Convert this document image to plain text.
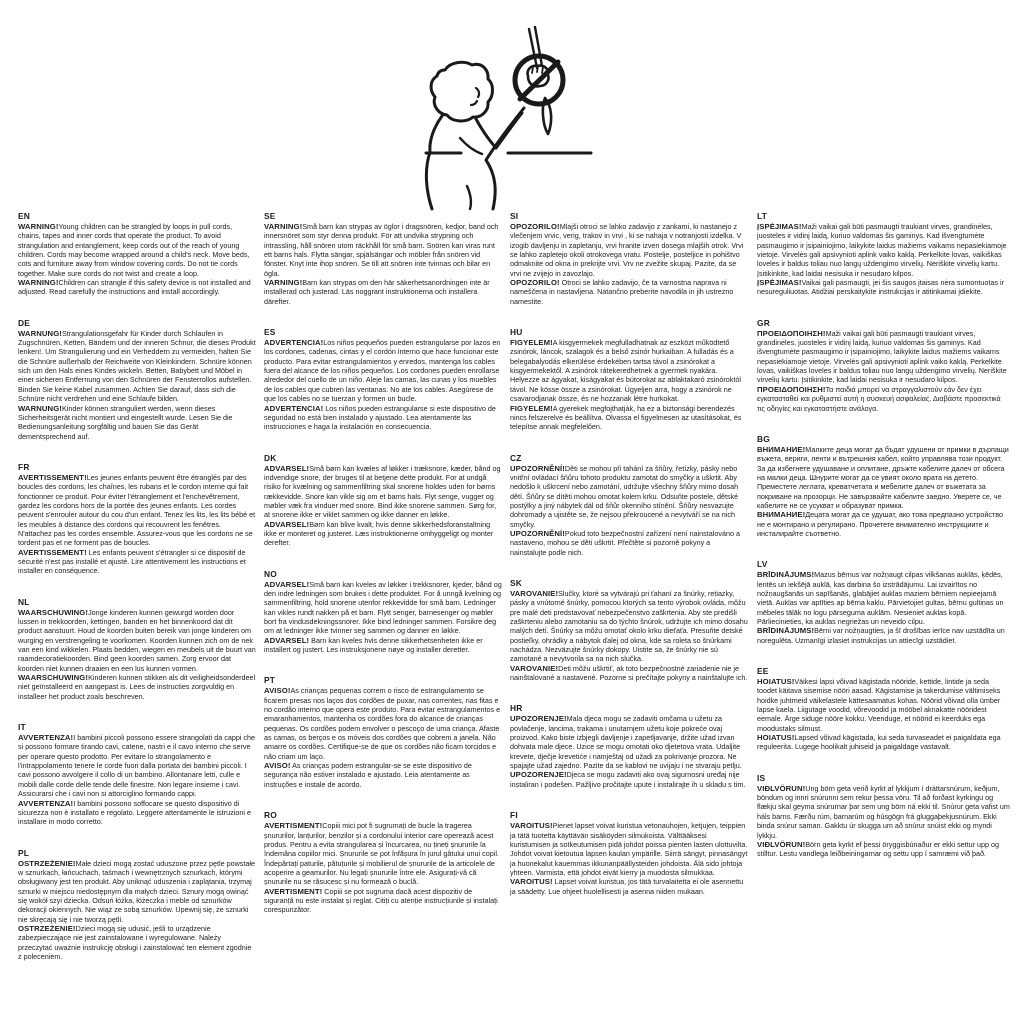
EN

WARNING!Young children can be strangled by loops in pull cords, chains, tapes and inner cords that operate the product. To avoid strangulation and entanglement, keep cords out of the reach of young children. Cords may become wrapped around a child's neck. Move beds, cots and furniture away from window covering cords. Do not tie cords together. Make sure cords do not twist and create a loop.

WARNING!Children can strangle if this safety device is not installed and adjusted. Read carefully the instructions and install accordingly.

DE

WARNUNG!Strangulationsgefahr für Kinder durch Schlaufen in Zugschnüren, Ketten, Bändern und der inneren Schnur, die dieses Produkt lenken!. Um Strangulierung und ein Verheddern zu vermeiden, halten Sie die Schnüre außerhalb der Reichweite von Kleinkindern. Schnüre können sich um den Hals eines Kindes wickeln. Betten, Babybett und Möbel in einer sicheren Entfernung von den Schnüren der Fensterrollos aufstellen. Binden Sie keine Kabel zusammen. Achten Sie darauf, dass sich die Schnüre nicht verdrehen und eine Schlaufe bilden.

WARNUNG!Kinder können stranguliert werden, wenn dieses Sicherheitsgerät nicht montiert und eingestellt wurde. Lesen Sie die Bedienungsanleitung sorgfältig und bauen Sie das Gerät dementsprechend auf.

FR

AVERTISSEMENT!Les jeunes enfants peuvent être étranglés par des boucles des cordons, les chaînes, les rubans et le cordon interne qui fait fonctionner ce produit. Pour éviter l'étranglement et l'enchevêtrement, gardez les cordons hors de la portée des jeunes enfants. Les cordes peuvent s'enrouler autour du cou d'un enfant. Tenez les lits, les lits bébé et les meubles à distance des cordons qui recouvrent les fenêtres. N'attachez pas les cordes ensemble. Assurez-vous que les cordons ne se tordent pas et ne forment pas de boucles.

AVERTISSEMENT! Les enfants peuvent s'étrangler si ce dispositif de sécurité n'est pas installé et ajusté. Lire attentivement les instructions et installer en conséquence.

NL

WAARSCHUWING!Jonge kinderen kunnen gewurgd worden door lussen in trekkoorden, kettingen, banden en het binnenkoord dat dit product aanstuurt. Houd de koorden buiten bereik van jonge kinderen om wurging en verstrengeling te voorkomen. Koorden kunnen zich om de nek van een kind wikkelen. Plaats bedden, wiegen en meubels uit de buurt van raamdecoratiekoorden. Bind geen koorden samen. Zorg ervoor dat koorden niet kunnen draaien en een lus kunnen vormen.

WAARSCHUWING!Kinderen kunnen stikken als dit veiligheidsonderdeel niet geïnstalleerd en aangepast is. Lees de instructies zorgvuldig en installeer het product zoals beschreven.

IT

AVVERTENZA!I bambini piccoli possono essere strangolati da cappi che si possono formare tirando cavi, catene, nastri e il cavo interno che serve per operare questo prodotto. Per evitare lo strangolamento e l'intrappolamento tenere le corde fuori dalla portata dei bambini piccoli. I cavi possono avvolgere il collo di un bambino. Allontanare letti, culle e mobili dalle corde delle tende delle finestre. Non legare insieme i cavi. Assicurarsi che i cavi non si attorciglino formando cappi.

AVVERTENZA!I bambini possono soffocare se questo dispositivo di sicurezza non è installato e regolato. Leggere attentamente le istruzioni e installare in modo corretto.

PL

OSTRZEŻENIE!Małe dzieci mogą zostać uduszone przez pętle powstałe w sznurkach, łańcuchach, taśmach i wewnętrznych sznurkach, którymi obsługiwany jest ten produkt. Aby uniknąć uduszenia i zaplątania, trzymaj sznurki w miejscu niedostępnym dla małych dzieci. Sznury mogą owinąć się wokół szyi dziecka. Odsuń łóżka, łóżeczka i meble od sznurków dekoracji okiennych. Nie wiąż ze sobą sznurków. Upewnij się, że sznurki nie skręcają się i nie tworzą pętli.

OSTRZEŻENIE!Dzieci mogą się udusić, jeśli to urządzenie zabezpieczające nie jest zainstalowane i wyregulowane. Należy przeczytać uważnie instrukcję obsługi i zainstalować ten element zgodnie z poleceniem.

SE

VARNING!Små barn kan strypas av öglor i dragsnören, kedjor, band och innersnöret som styr denna produkt. För att undvika strypning och intrassling, håll snören utom räckhåll för små barn. Snören kan viras runt ett barns hals. Flytta sängar, spjälsängar och möbler från snören vid fönster. Knyt inte ihop snören. Se till att snören inte tvinnas och bilar en ögla.

VARNING!Barn kan strypas om den här säkerhetsanordningen inte är installerad och justerad. Läs noggrant instruktionerna och installera därefter.

ES

ADVERTENCIA!Los niños pequeños pueden estrangularse por lazos en los cordones, cadenas, cintas y el cordón interno que hace funcionar este producto. Para evitar estrangulamientos y enredos, mantenga los cables fuera del alcance de los niños pequeños. Los cordones pueden enrollarse alrededor del cuello de un niño. Aleje las camas, las cunas y los muebles de los cables que cubren las ventanas. No ate los cables. Asegúrese de que los cables no se tuerzan y formen un bucle.

ADVERTENCIA! Los niños pueden estrangularse si este dispositivo de seguridad no está bien instalado y ajustado. Lea atentamente las instrucciones e haga la instalación en consecuencia.

DK

ADVARSEL!Små børn kan kvæles af løkker i træksnore, kæder, bånd og indvendige snore, der bruges til at betjene dette produkt. For at undgå risiko for kvælning og sammenfiltring skal snorene holdes uden for børns rækkevidde. Snore kan vikle sig om et barns hals. Flyt senge, vugger og møbler væk fra vinduer med snore. Bind ikke snorene sammen. Sørg for, at snorene ikke er viklet sammen og ikke danner en løkke.

ADVARSEL!Børn kan blive kvalt, hvis denne sikkerhedsforanstaltning ikke er monteret og justeret. Læs instruktionerne omhyggeligt og monter derefter.

NO

ADVARSEL!Små barn kan kveles av løkker i trekksnorer, kjeder, bånd og den indre ledningen som brukes i dette produktet. For å unngå kvelning og sammenfiltring, hold snorene utenfor rekkevidde for små barn. Ledninger kan vikles rundt nakken på et barn. Flytt senger, barnesenger og møbler bort fra vindusdekningssnorer. Ikke bind ledninger sammen. Forsikre deg om at ledninger ikke tvinner seg sammen og danner en løkke.

ADVARSEL! Barn kan kveles hvis denne sikkerhetsenheten ikke er installert og justert. Les instruksjonene nøye og installer deretter.

PT

AVISO!As crianças pequenas correm o risco de estrangulamento se ficarem presas nos laços dos cordões de puxar, nas correntes, nas fitas e no cordão interno que opera este produto. Para evitar estrangulamentos e emaranhamentos, mantenha os cordões fora do alcance de crianças pequenas. Os cordões podem envolver o pescoço de uma criança. Afaste as camas, os berços e os móveis dos cordões que cobrem a janela. Não amarre os cordões. Certifique-se de que os cordões não ficam torcidos e não criam um laço.

AVISO! As crianças podem estrangular-se se este dispositivo de segurança não estiver instalado e ajustado. Leia atentamente as instruções e instale de acordo.

RO

AVERTISMENT!Copiii mici pot fi sugrumați de bucle la tragerea șnururilor, lanțurilor, benzilor și a cordonului interior care operează acest produs. Pentru a evita strangularea și încurcarea, nu țineți șnururile la îndemâna copiilor mici. Șnururile se pot înfășura în jurul gâtului unui copil. Îndepărtați paturile, pătuțurile și mobilierul de șnururile de la articolele de acoperire a geamurilor. Nu legați șnururile între ele. Asigurați-vă că șnururile nu se răsucesc și nu formează o buclă.

AVERTISMENT! Copiii se pot sugruma dacă acest dispozitiv de siguranță nu este instalat și reglat. Citiți cu atenție instrucțiunile și instalați corespunzător.

SI

OPOZORILO!Mlajši otroci se lahko zadavijo z zankami, ki nastanejo z vlečenjem vrvic, verig, trakov in vrvi , ki se nahaja v notranjosti izdelka. V izogib davljenju in zapletanju, vrvi hranite izven dosega mlajših otrok. Vrvi se lahko zapletejo okoli otrokovega vratu. Postelje, posteljice in pohištvo odmaknite od okna in prekrijte vrvi. Vrv ne zvežite skupaj. Pazite, da se vrvi ne zvijejo in zavozlajo.

OPOZORILO! Otroci se lahko zadavijo, če ta varnostna naprava ni nameščena in nastavljena. Natančno preberite navodila in jih ustrezno namestite.

HU

FIGYELEM!A kisgyermekek megfulladhatnak az eszközt működtető zsinórok, láncok, szalagok és a belső zsinór hurkaiban. A fulladás és a belegabalyodás elkerülése érdekében tartsa távol a zsinórokat a kisgyermekektől. A zsinórok rátekeredhetnek a gyermek nyakára. Helyezze az ágyakat, kiságyakat és bútorokat az ablaktakaró zsinóroktól távol. Ne kösse össze a zsinórokat. Ügyeljen arra, hogy a zsinórok ne csavarodjanak össze, és ne hozzanak létre hurkokat.

FIGYELEM!A gyerekek megfojthatják, ha ez a biztonsági berendezés nincs felszerelve és beállítva. Olvassa el figyelmesen az utasításokat, és telepítse annak megfelelően.

CZ

UPOZORNĚNÍ!Děti se mohou při tahání za šňůry, řetízky, pásky nebo vnitřní ovládací šňůru tohoto produktu zamotat do smyčky a uškrtit. Aby nedošlo k uškrcení nebo zamotání, udržujte všechny šňůry mimo dosah dětí. Šňůry se dítěti mohou omotat kolem krku. Odsuňte postele, dětské postýlky a jiný nábytek dál od šňůr okenního stínění. Šňůry nesvazujte dohromady a ujistěte se, že nejsou překroucené a nevytváří se na nich smyčky.

UPOZORNĚNÍ!Pokud toto bezpečnostní zařízení není nainstalováno a nastaveno, mohou se děti uškrtit. Přečtěte si pozorně pokyny a nainstalujte podle nich.

SK

VAROVANIE!Slučky, ktoré sa vytvárajú pri ťahaní za šnúrky, retiazky, pásky a vnútorné šnúrky, pomocou ktorých sa tento výrobok ovláda, môžu pre malé deti predstavovať nebezpečenstvo zaškrtenia. Aby ste predišli zaškrteniu alebo zamotaniu sa do týchto šnúrok, udržujte ich mimo dosahu malých detí. Šnúrky sa môžu omotať okolo krku dieťaťa. Presuňte detské postieľky, ohrádky a nábytok ďalej od okna, kde sa roleta so šnúrkami nachádza. Nezväzujte šnúrky dokopy. Uistite sa, že šnúrky nie sú zamotané a nevytvorila sa na nich slučka.

VAROVANIE!Deti môžu uškrtiť, ak toto bezpečnostné zariadenie nie je nainštalované a nastavené. Pozorne si prečítajte pokyny a nainštalujte ich.

HR

UPOZORENJE!Mala djeca mogu se zadaviti omčama u užetu za povlačenje, lancima, trakama i unutarnjem užetu koje pokreće ovaj proizvod. Kako biste izbjegli davljenje i zapetljavanje, držite užad izvan dohvata male djece. Uzice se mogu omotati oko djetetova vrata. Udaljite krevete, dječje krevetiće i namještaj od užadi za pokrivanje prozora. Ne spajajte užad zajedno. Pazite da se kablovi ne uvijaju i ne stvaraju petlju.

UPOZORENJE!Djeca se mogu zadaviti ako ovaj sigurnosni uređaj nije instaliran i podešen. Pažljivo pročitajte upute i instalirajte ih u skladu s tim.

FI

VAROITUS!Pienet lapset voivat kuristua vetonauhojen, ketjujen, teippien ja tätä tuotetta käyttävän sisäköyden silmukoista. Välttääksesi kuristumisen ja sotkeutumisen pidä johdot poissa pienten lasten ulottuvilta. Johdot voivat kietoutua lapsen kaulan ympärille. Siirrä sängyt, pinnasängyt ja huonekalut kauemmas ikkunanpäällysteiden johdoista. Älä sido johtoja yhteen. Varmista, että johdot eivät kierry ja muodosta silmukkaa.

VAROITUS! Lapset voivat kuristua, jos tätä turvalaitetta ei ole asennettu ja säädetty. Lue ohjeet huolellisesti ja asenna niiden mukaan.

LT

ĮSPĖJIMAS!Maži vaikai gali būti pasmaugti traukiant virves, grandinėles, juosteles ir vidinį laidą, kuriuo valdomas šis gaminys. Kad išvengtumėte pasmaugimo ir įsipainiojimo, laikykite laidus mažiems vaikams nepasiekiamoje vietoje. Virvelės gali apsivynioti aplink vaiko kaklą. Perkelkite lovas, vaikiškas loveles ir baldus toliau nuo langų uždengimo virvelių. Neriškite virvelių kartu. Įsitikinkite, kad laidai nesisuka ir nesudaro kilpos.

ĮSPĖJIMAS!Vaikai gali pasmaugti, jei šis saugos įtaisas nėra sumontuotas ir nesureguliuotas. Atidžiai perskaitykite instrukcijas ir atitinkamai įdiekite.

GR

ΠΡΟΕΙΔΟΠΟΙΗΣΗ!Maži vaikai gali būti pasmaugti traukiant virves, grandinėles, juosteles ir vidinį laidą, kuriuo valdomas šis gaminys. Kad išvengtumėte pasmaugimo ir įsipainiojimo, laikykite laidus mažiems vaikams nepasiekiamoje vietoje. Virvelės gali apsivynioti aplink vaiko kaklą. Perkelkite lovas, vaikiškas loveles ir baldus toliau nuo langų uždengimo virvelių. Neriškite virvelių kartu. Įsitikinkite, kad laidai nesisuka ir nesudaro kilpos.

ΠΡΟΕΙΔΟΠΟΙΗΣΗ!Τα παιδιά μπορεί να στραγγαλιστούν εάν δεν έχει εγκατασταθεί και ρυθμιστεί αυτή η συσκευή ασφαλείας. Διαβάστε προσεκτικά τις οδηγίες και εγκαταστήστε ανάλογα.

BG

ВНИМАНИЕ!Малките деца могат да бъдат удушени от примки в дърпащи въжета, вериги, ленти и вътрешния кабел, който управлява този продукт. За да избегнете удушаване и оплитане, дръжте кабелите далеч от обсега на малки деца. Шнурите могат да се увият около врата на детето. Преместете леглата, креватчетата и мебелите далеч от въжетата за покриване на прозорци. Не завързвайте кабелите заедно. Уверете се, че кабелите не се усукват и образуват примка.

ВНИМАНИЕ!Децата могат да се удушат, ако това предпазно устройство не е монтирано и регулирано. Прочетете внимателно инструкциите и инсталирайте съответно.

LV

BRĪDINĀJUMS!Mazus bērnus var nožņaugt cilpas vilkšanas auklās, ķēdēs, lentēs un iekšējā auklā, kas darbina šo izstrādājumu. Lai izvairītos no nožņaugšanās un sapīšanās, glabājiet auklas maziem bērniem nepieejamā vietā. Auklas var aptīties ap bērna kaklu. Pārvietojiet gultas, bērnu gultiņas un mēbeles tālāk no logu pārseguma auklām. Nesieniet auklas kopā. Pārliecinieties, ka auklas negriežas un neveido cilpu.

BRĪDINĀJUMS!Bērni var nožņaugties, ja šī drošības ierīce nav uzstādīta un noregulēta. Uzmanīgi izlasiet instrukcijas un attiecīgi uzstādiet.

EE

HOIATUS!Väikesi lapsi võivad kägistada nööride, kettide, lintide ja seda toodet käitava sisemise nööri aasad. Kägistamise ja takerdumise vältimiseks hoidke juhtmeid väikelastele kättesaamatus kohas. Nöörid võivad olla ümber lapse kaela. Liigutage voodid, võrevoodid ja mööbel aknakatte nööridest eemale. Ärge siduge nööre kokku. Veenduge, et nöörid ei keerduks ega moodustaks silmust.

HOIATUS!Lapsed võivad kägistada, kui seda turvaseadet ei paigaldata ega reguleerita. Lugege hoolikalt juhiseid ja paigaldage vastavalt.

IS

VIÐLVÖRUN!Ung börn geta verið kyrkt af lykkjum í dráttarsnúrum, keðjum, böndum og innri snúrunni sem rekur þessa vöru. Til að forðast kyrkingu og flækju skal geyma snúrurnar þar sem ung börn ná ekki til. Snúrur geta vafist um háls barns. Færðu rúm, barnarúm og húsgögn frá gluggaþekjusnúrum. Ekki binda snúrur saman. Gakktu úr skugga um að snúrur snúist ekki og myndi lykkju.

VIÐLVÖRUN!Börn geta kyrkt ef þessi öryggisbúnaður er ekki settur upp og stilltur. Lestu vandlega leiðbeiningarnar og settu upp í samræmi við það.
